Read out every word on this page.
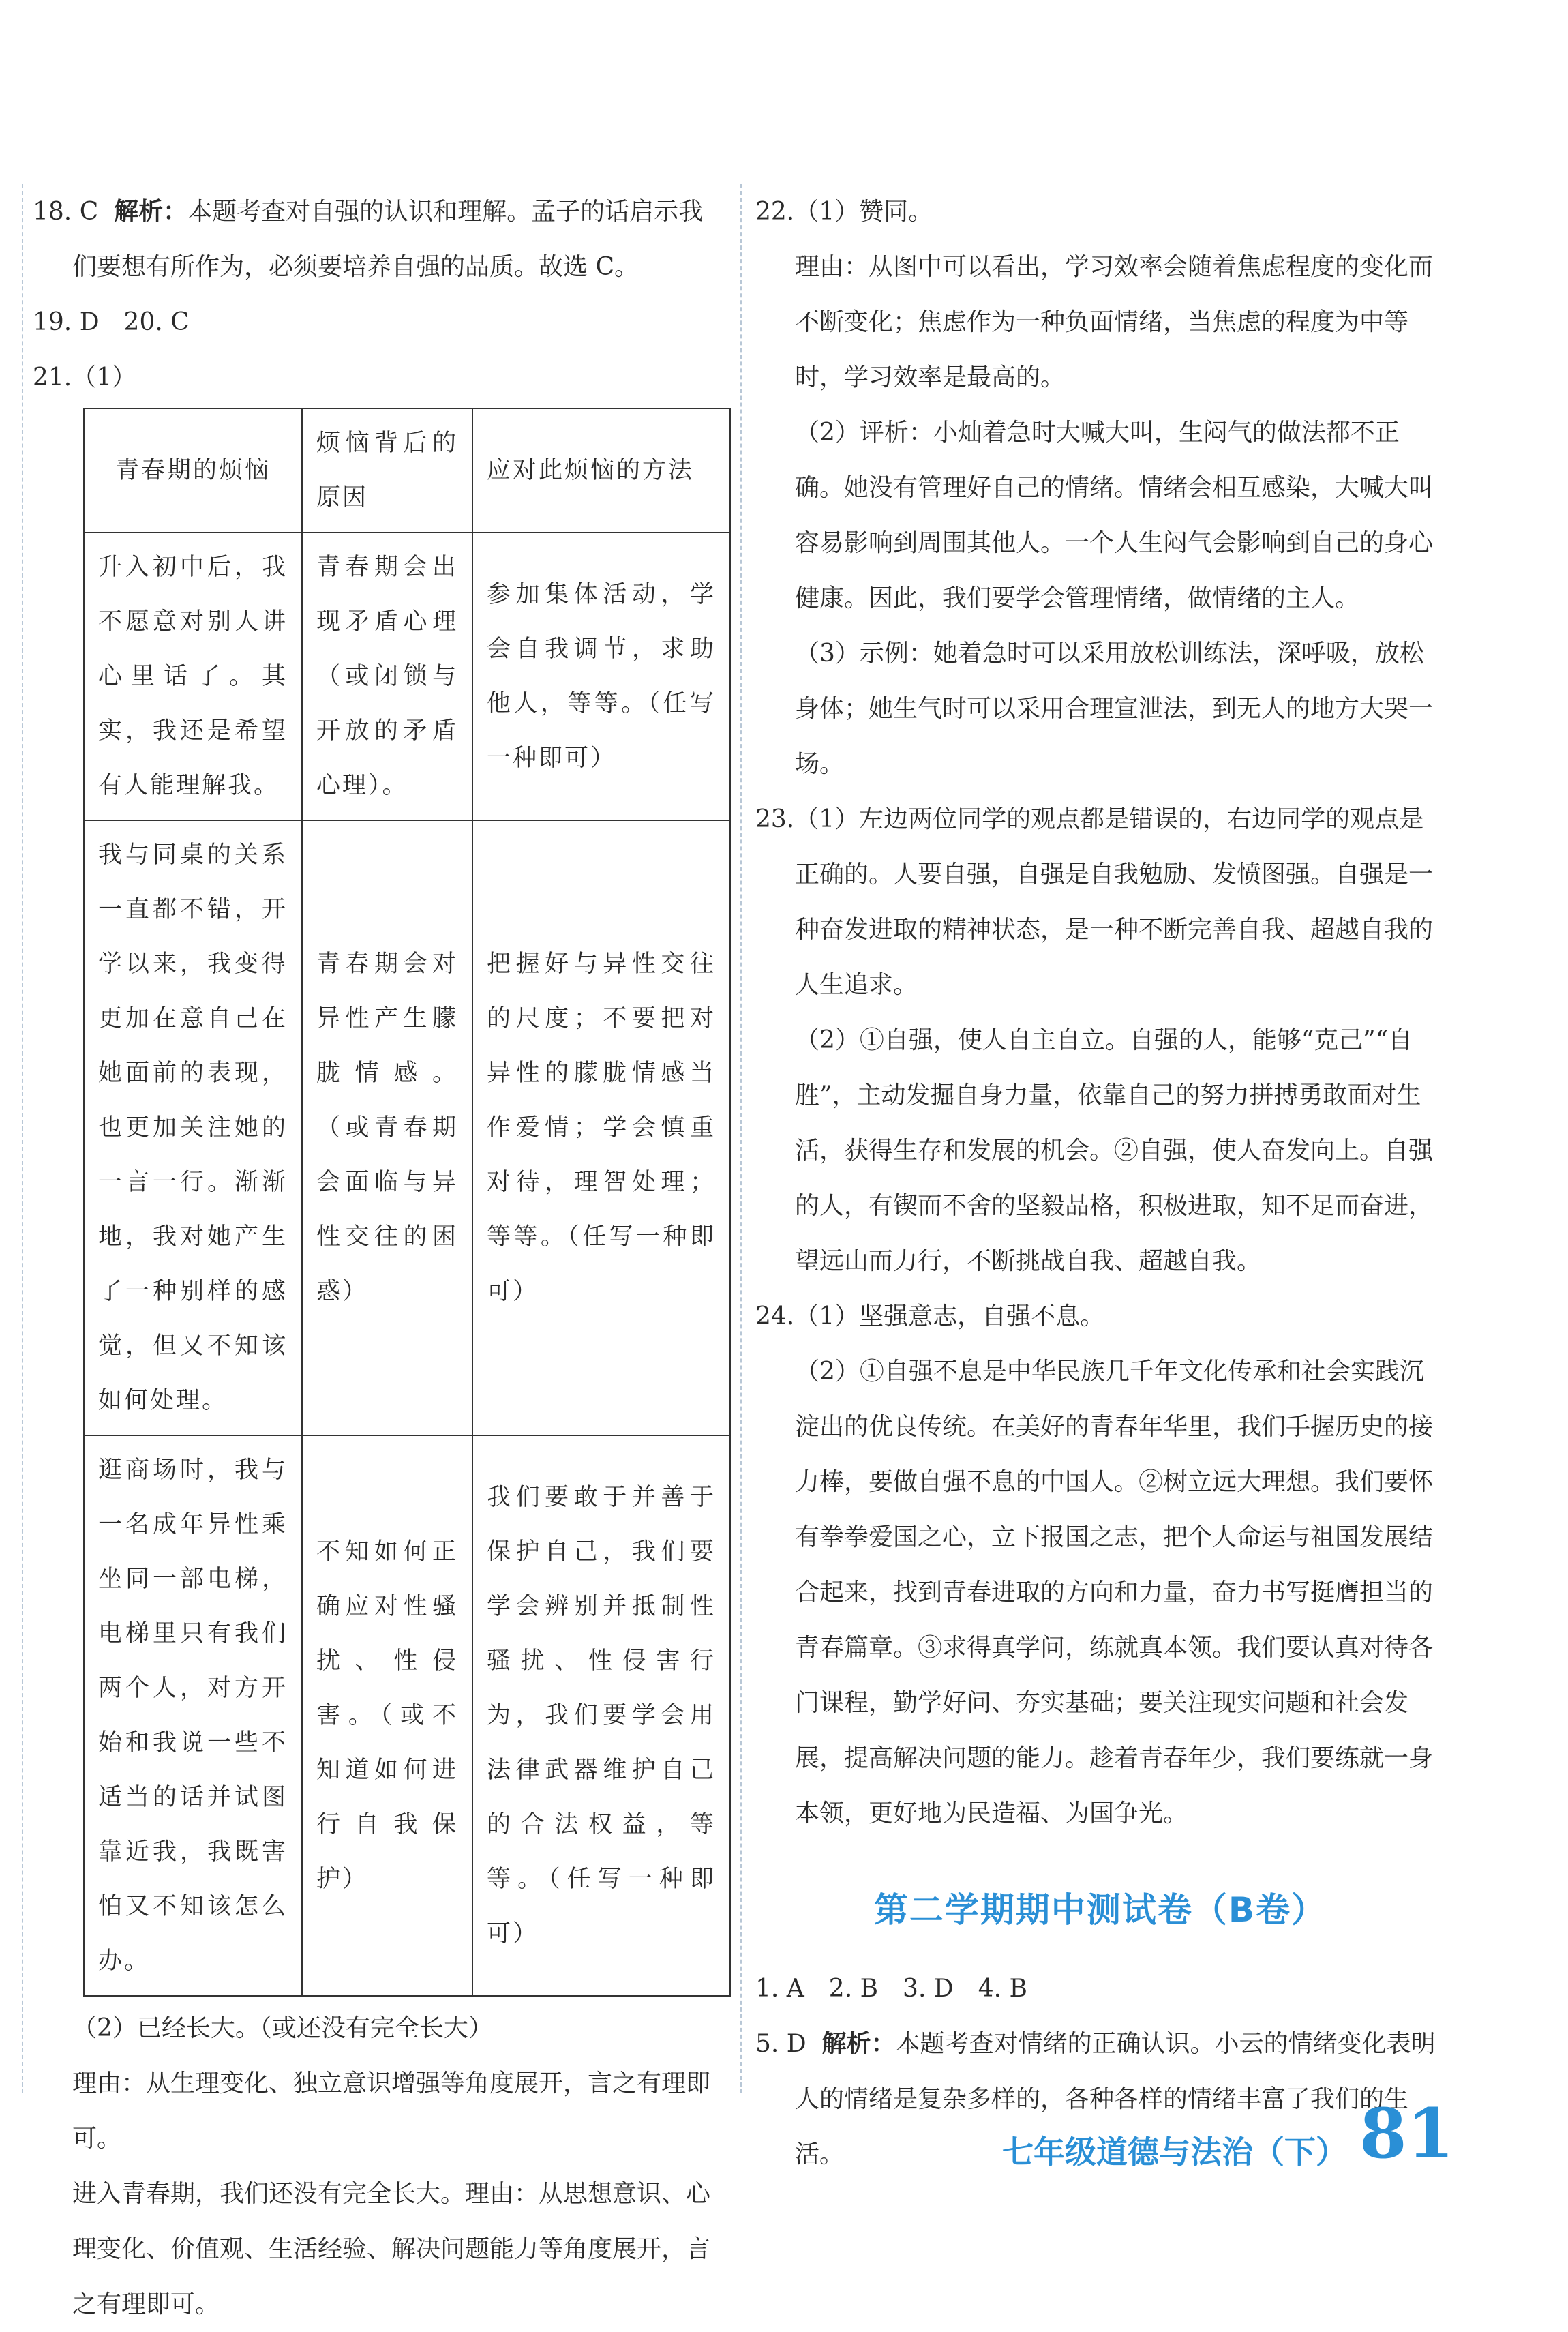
18. C 解析：本题考查对自强的认识和理解。孟子的话启示我们要想有所作为，必须要培养自强的品质。故选 C。

19. D　20. C

21.（1）

青春期的烦恼	烦恼背后的原因	应对此烦恼的方法
升入初中后，我不愿意对别人讲心里话了。其实，我还是希望有人能理解我。	青春期会出现矛盾心理（或闭锁与开放的矛盾心理）。	参加集体活动，学会自我调节，求助他人，等等。（任写一种即可）
我与同桌的关系一直都不错，开学以来，我变得更加在意自己在她面前的表现，也更加关注她的一言一行。渐渐地，我对她产生了一种别样的感觉，但又不知该如何处理。	青春期会对异性产生朦胧情感。（或青春期会面临与异性交往的困惑）	把握好与异性交往的尺度；不要把对异性的朦胧情感当作爱情；学会慎重对待，理智处理；等等。（任写一种即可）
逛商场时，我与一名成年异性乘坐同一部电梯，电梯里只有我们两个人，对方开始和我说一些不适当的话并试图靠近我，我既害怕又不知该怎么办。	不知如何正确应对性骚扰、性侵害。（或不知道如何进行自我保护）	我们要敢于并善于保护自己，我们要学会辨别并抵制性骚扰、性侵害行为，我们要学会用法律武器维护自己的合法权益，等等。（任写一种即可）

（2）已经长大。（或还没有完全长大）

理由：从生理变化、独立意识增强等角度展开，言之有理即可。

进入青春期，我们还没有完全长大。理由：从思想意识、心理变化、价值观、生活经验、解决问题能力等角度展开，言之有理即可。

22.（1）赞同。

理由：从图中可以看出，学习效率会随着焦虑程度的变化而不断变化；焦虑作为一种负面情绪，当焦虑的程度为中等时，学习效率是最高的。

（2）评析：小灿着急时大喊大叫，生闷气的做法都不正确。她没有管理好自己的情绪。情绪会相互感染，大喊大叫容易影响到周围其他人。一个人生闷气会影响到自己的身心健康。因此，我们要学会管理情绪，做情绪的主人。

（3）示例：她着急时可以采用放松训练法，深呼吸，放松身体；她生气时可以采用合理宣泄法，到无人的地方大哭一场。

23.（1）左边两位同学的观点都是错误的，右边同学的观点是正确的。人要自强，自强是自我勉励、发愤图强。自强是一种奋发进取的精神状态，是一种不断完善自我、超越自我的人生追求。

（2）①自强，使人自主自立。自强的人，能够“克己”“自胜”，主动发掘自身力量，依靠自己的努力拼搏勇敢面对生活，获得生存和发展的机会。②自强，使人奋发向上。自强的人，有锲而不舍的坚毅品格，积极进取，知不足而奋进，望远山而力行，不断挑战自我、超越自我。

24.（1）坚强意志，自强不息。

（2）①自强不息是中华民族几千年文化传承和社会实践沉淀出的优良传统。在美好的青春年华里，我们手握历史的接力棒，要做自强不息的中国人。②树立远大理想。我们要怀有拳拳爱国之心，立下报国之志，把个人命运与祖国发展结合起来，找到青春进取的方向和力量，奋力书写挺膺担当的青春篇章。③求得真学问，练就真本领。我们要认真对待各门课程，勤学好问、夯实基础；要关注现实问题和社会发展，提高解决问题的能力。趁着青春年少，我们要练就一身本领，更好地为民造福、为国争光。

第二学期期中测试卷（B卷）

1. A　2. B　3. D　4. B

5. D 解析：本题考查对情绪的正确认识。小云的情绪变化表明人的情绪是复杂多样的，各种各样的情绪丰富了我们的生活。	七年级道德与法治（下） 81
